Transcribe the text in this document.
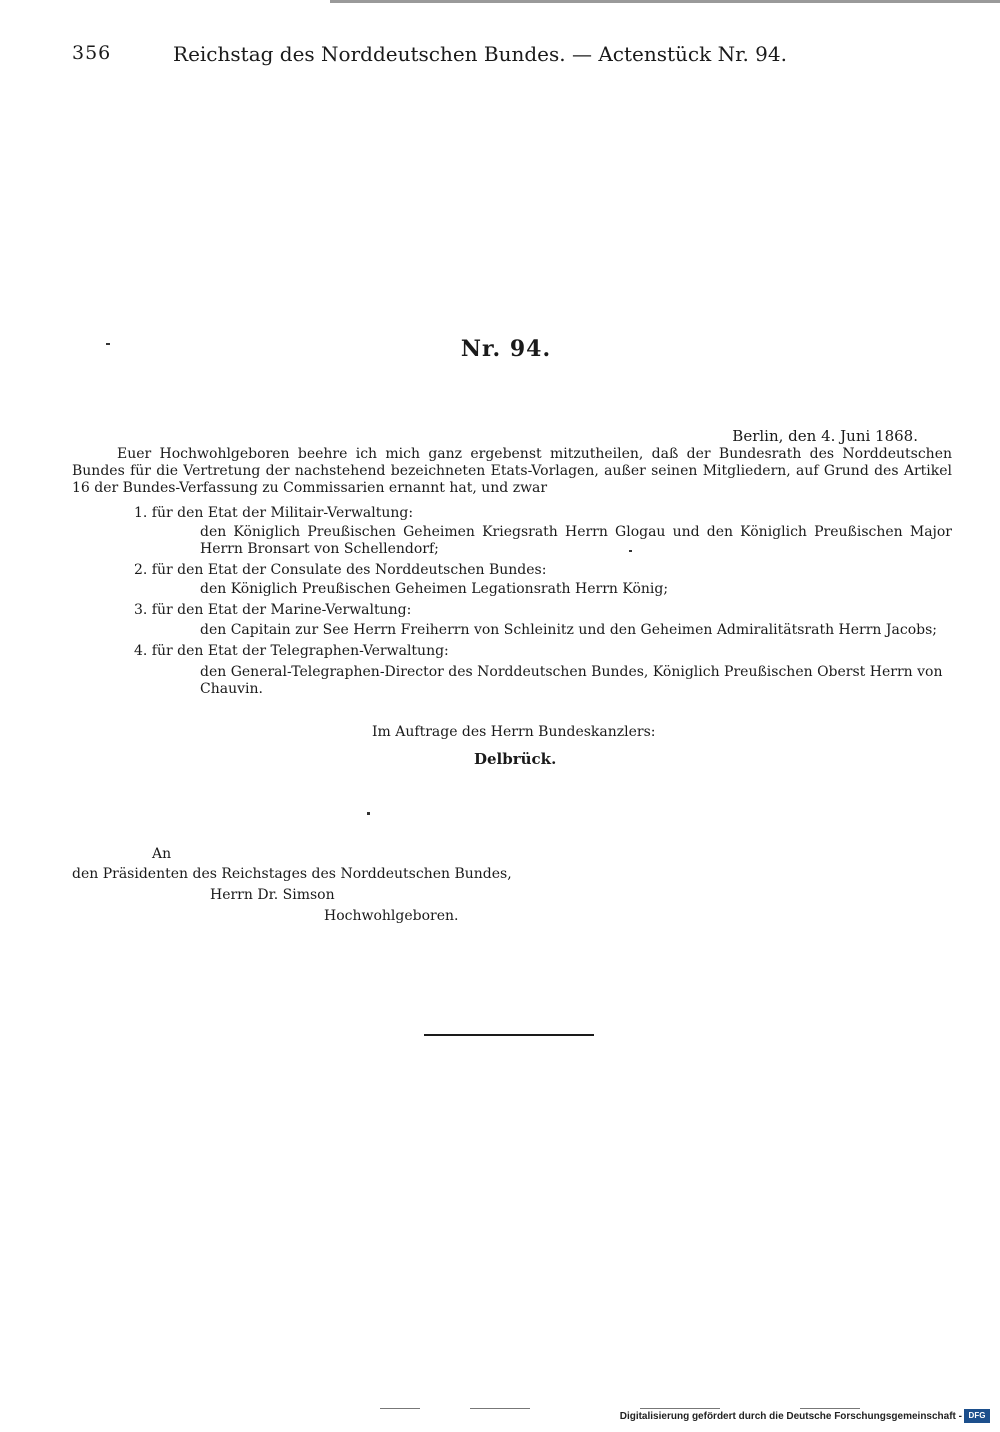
356	Reichstag des Norddeutschen Bundes. — Actenstück Nr. 94.
Nr. 94.
Berlin, den 4. Juni 1868.

Euer Hochwohlgeboren beehre ich mich ganz ergebenst mitzutheilen, daß der Bundesrath des Norddeutschen Bundes für die Vertretung der nachstehend bezeichneten Etats-Vorlagen, außer seinen Mitgliedern, auf Grund des Artikel 16 der Bundes-Verfassung zu Commissarien ernannt hat, und zwar

1. für den Etat der Militair-Verwaltung:

den Königlich Preußischen Geheimen Kriegsrath Herrn Glogau und den Königlich Preußischen Major Herrn Bronsart von Schellendorf;

2. für den Etat der Consulate des Norddeutschen Bundes:

den Königlich Preußischen Geheimen Legationsrath Herrn König;

3. für den Etat der Marine-Verwaltung:

den Capitain zur See Herrn Freiherrn von Schleinitz und den Geheimen Admiralitätsrath Herrn Jacobs;

4. für den Etat der Telegraphen-Verwaltung:

den General-Telegraphen-Director des Norddeutschen Bundes, Königlich Preußischen Oberst Herrn von Chauvin.

Im Auftrage des Herrn Bundeskanzlers:
Delbrück.
An
den Präsidenten des Reichstages des Norddeutschen Bundes,
Herrn Dr. Simson
Hochwohlgeboren.
Digitalisierung gefördert durch die Deutsche Forschungsgemeinschaft - DFG
